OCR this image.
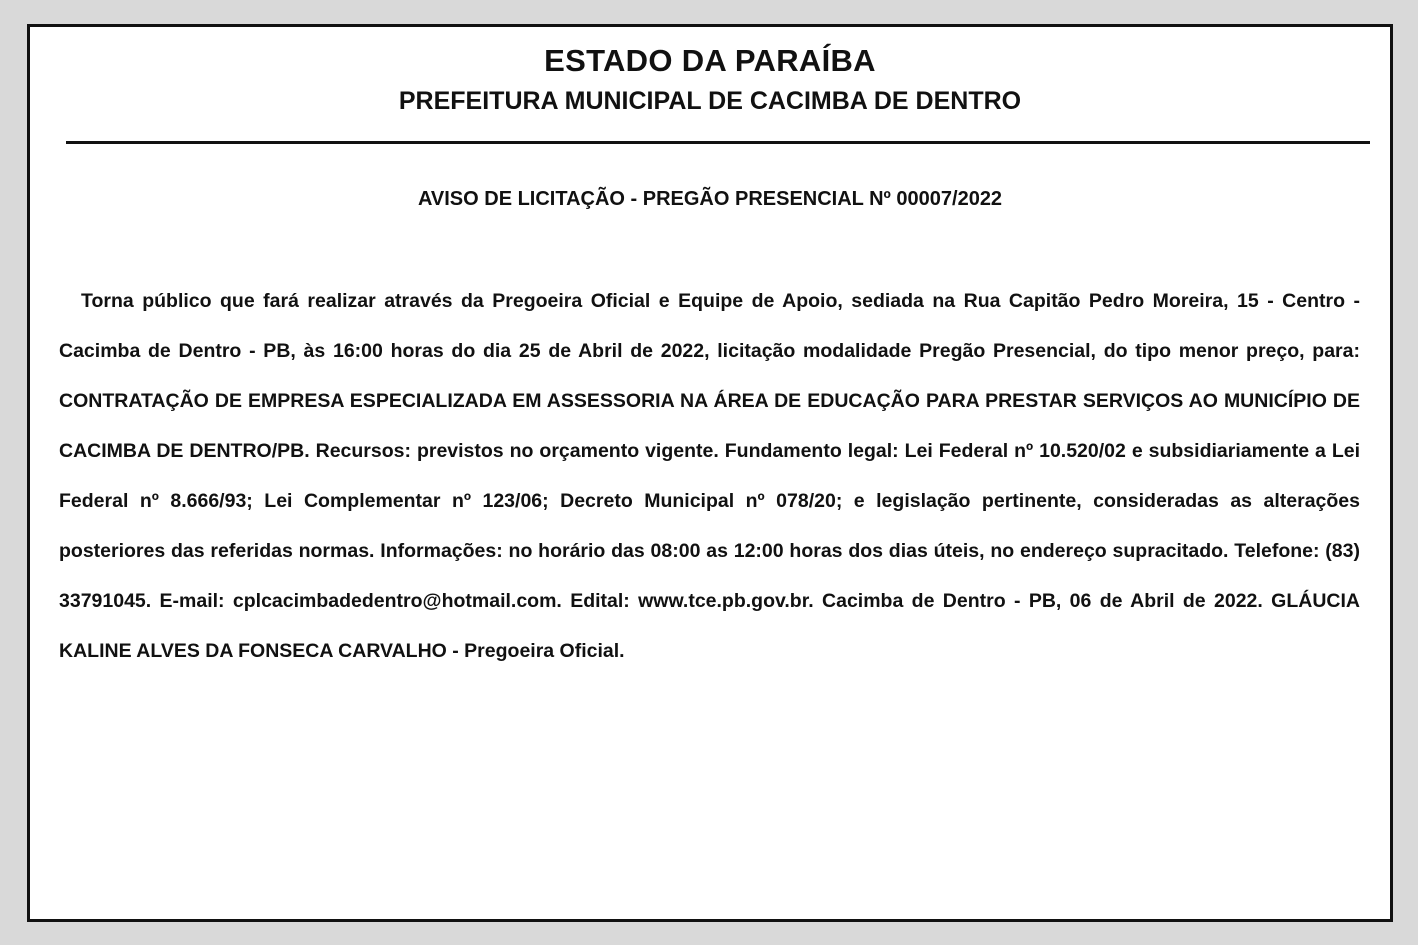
ESTADO DA PARAÍBA
PREFEITURA MUNICIPAL DE CACIMBA DE DENTRO
AVISO DE LICITAÇÃO - PREGÃO PRESENCIAL Nº 00007/2022

Torna público que fará realizar através da Pregoeira Oficial e Equipe de Apoio, sediada na Rua Capitão Pedro Moreira, 15 - Centro - Cacimba de Dentro - PB, às 16:00 horas do dia 25 de Abril de 2022, licitação modalidade Pregão Presencial, do tipo menor preço, para: CONTRATAÇÃO DE EMPRESA ESPECIALIZADA EM ASSESSORIA NA ÁREA DE EDUCAÇÃO PARA PRESTAR SERVIÇOS AO MUNICÍPIO DE CACIMBA DE DENTRO/PB. Recursos: previstos no orçamento vigente. Fundamento legal: Lei Federal nº 10.520/02 e subsidiariamente a Lei Federal nº 8.666/93; Lei Complementar nº 123/06; Decreto Municipal nº 078/20; e legislação pertinente, consideradas as alterações posteriores das referidas normas. Informações: no horário das 08:00 as 12:00 horas dos dias úteis, no endereço supracitado. Telefone: (83) 33791045. E-mail: cplcacimbadedentro@hotmail.com. Edital: www.tce.pb.gov.br. Cacimba de Dentro - PB, 06 de Abril de 2022. GLÁUCIA KALINE ALVES DA FONSECA CARVALHO - Pregoeira Oficial.
